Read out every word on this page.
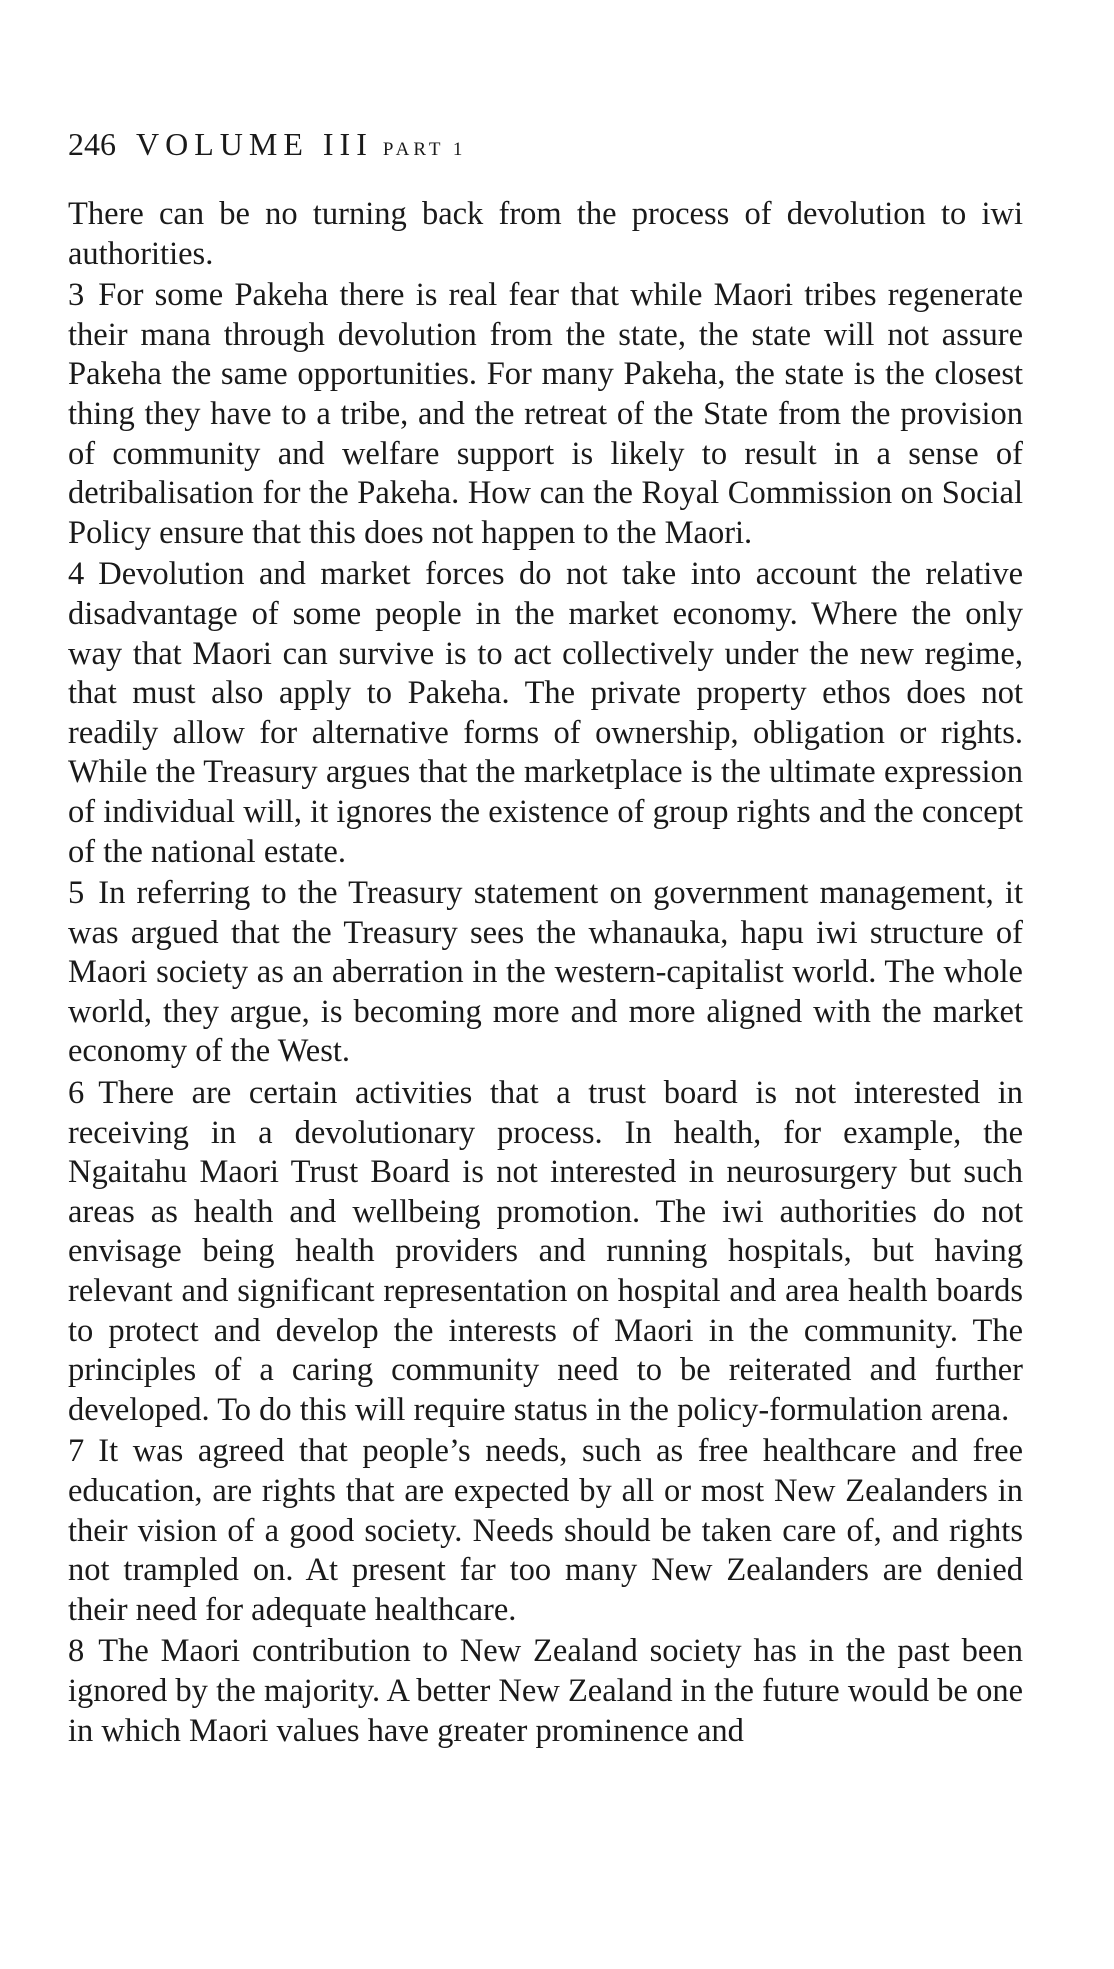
246 VOLUME III PART 1

There can be no turning back from the process of devolution to iwi authorities.

3 For some Pakeha there is real fear that while Maori tribes regenerate their mana through devolution from the state, the state will not assure Pakeha the same opportunities. For many Pakeha, the state is the closest thing they have to a tribe, and the retreat of the State from the provision of community and welfare support is likely to result in a sense of detribalisation for the Pakeha. How can the Royal Commission on Social Policy ensure that this does not happen to the Maori.

4 Devolution and market forces do not take into account the relative disadvantage of some people in the market economy. Where the only way that Maori can survive is to act collectively under the new regime, that must also apply to Pakeha. The private property ethos does not readily allow for alternative forms of ownership, obligation or rights. While the Treasury argues that the marketplace is the ultimate expression of individual will, it ignores the existence of group rights and the concept of the national estate.

5 In referring to the Treasury statement on government management, it was argued that the Treasury sees the whanauka, hapu iwi structure of Maori society as an aberration in the western-capitalist world. The whole world, they argue, is becoming more and more aligned with the market economy of the West.

6 There are certain activities that a trust board is not interested in receiving in a devolutionary process. In health, for example, the Ngaitahu Maori Trust Board is not interested in neurosurgery but such areas as health and wellbeing promotion. The iwi authorities do not envisage being health providers and running hospitals, but having relevant and significant representation on hospital and area health boards to protect and develop the interests of Maori in the community. The principles of a caring community need to be reiterated and further developed. To do this will require status in the policy-formulation arena.

7 It was agreed that people’s needs, such as free healthcare and free education, are rights that are expected by all or most New Zealanders in their vision of a good society. Needs should be taken care of, and rights not trampled on. At present far too many New Zealanders are denied their need for adequate healthcare.

8 The Maori contribution to New Zealand society has in the past been ignored by the majority. A better New Zealand in the future would be one in which Maori values have greater prominence and
